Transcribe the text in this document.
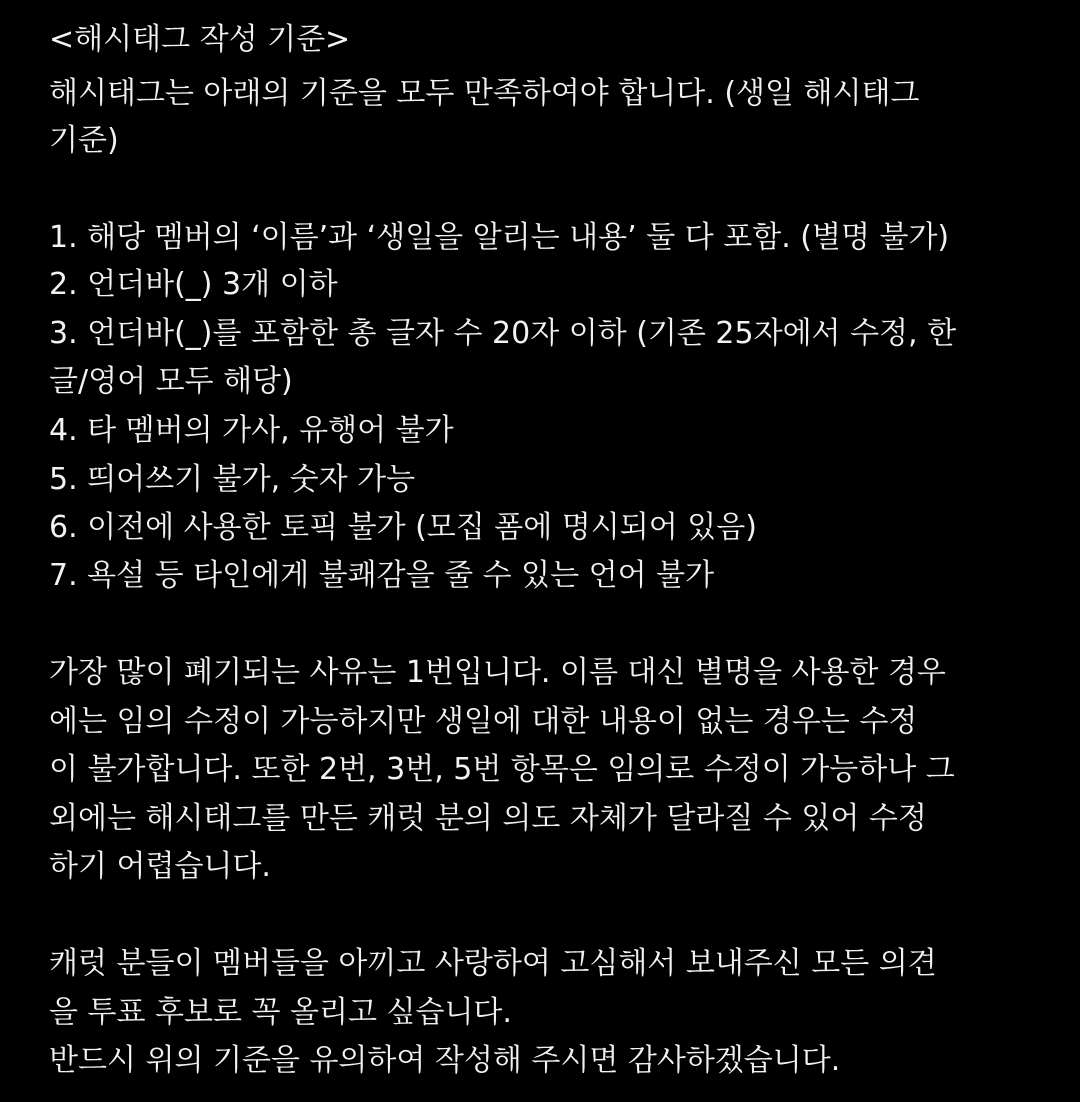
<해시태그 작성 기준>
해시태그는 아래의 기준을 모두 만족하여야 합니다. (생일 해시태그
기준)
1. 해당 멤버의 ‘이름’과 ‘생일을 알리는 내용’ 둘 다 포함. (별명 불가)
2. 언더바(_) 3개 이하
3. 언더바(_)를 포함한 총 글자 수 20자 이하 (기존 25자에서 수정, 한
글/영어 모두 해당)
4. 타 멤버의 가사, 유행어 불가
5. 띄어쓰기 불가, 숫자 가능
6. 이전에 사용한 토픽 불가 (모집 폼에 명시되어 있음)
7. 욕설 등 타인에게 불쾌감을 줄 수 있는 언어 불가
가장 많이 폐기되는 사유는 1번입니다. 이름 대신 별명을 사용한 경우
에는 임의 수정이 가능하지만 생일에 대한 내용이 없는 경우는 수정
이 불가합니다. 또한 2번, 3번, 5번 항목은 임의로 수정이 가능하나 그
외에는 해시태그를 만든 캐럿 분의 의도 자체가 달라질 수 있어 수정
하기 어렵습니다.
캐럿 분들이 멤버들을 아끼고 사랑하여 고심해서 보내주신 모든 의견
을 투표 후보로 꼭 올리고 싶습니다.
반드시 위의 기준을 유의하여 작성해 주시면 감사하겠습니다.
